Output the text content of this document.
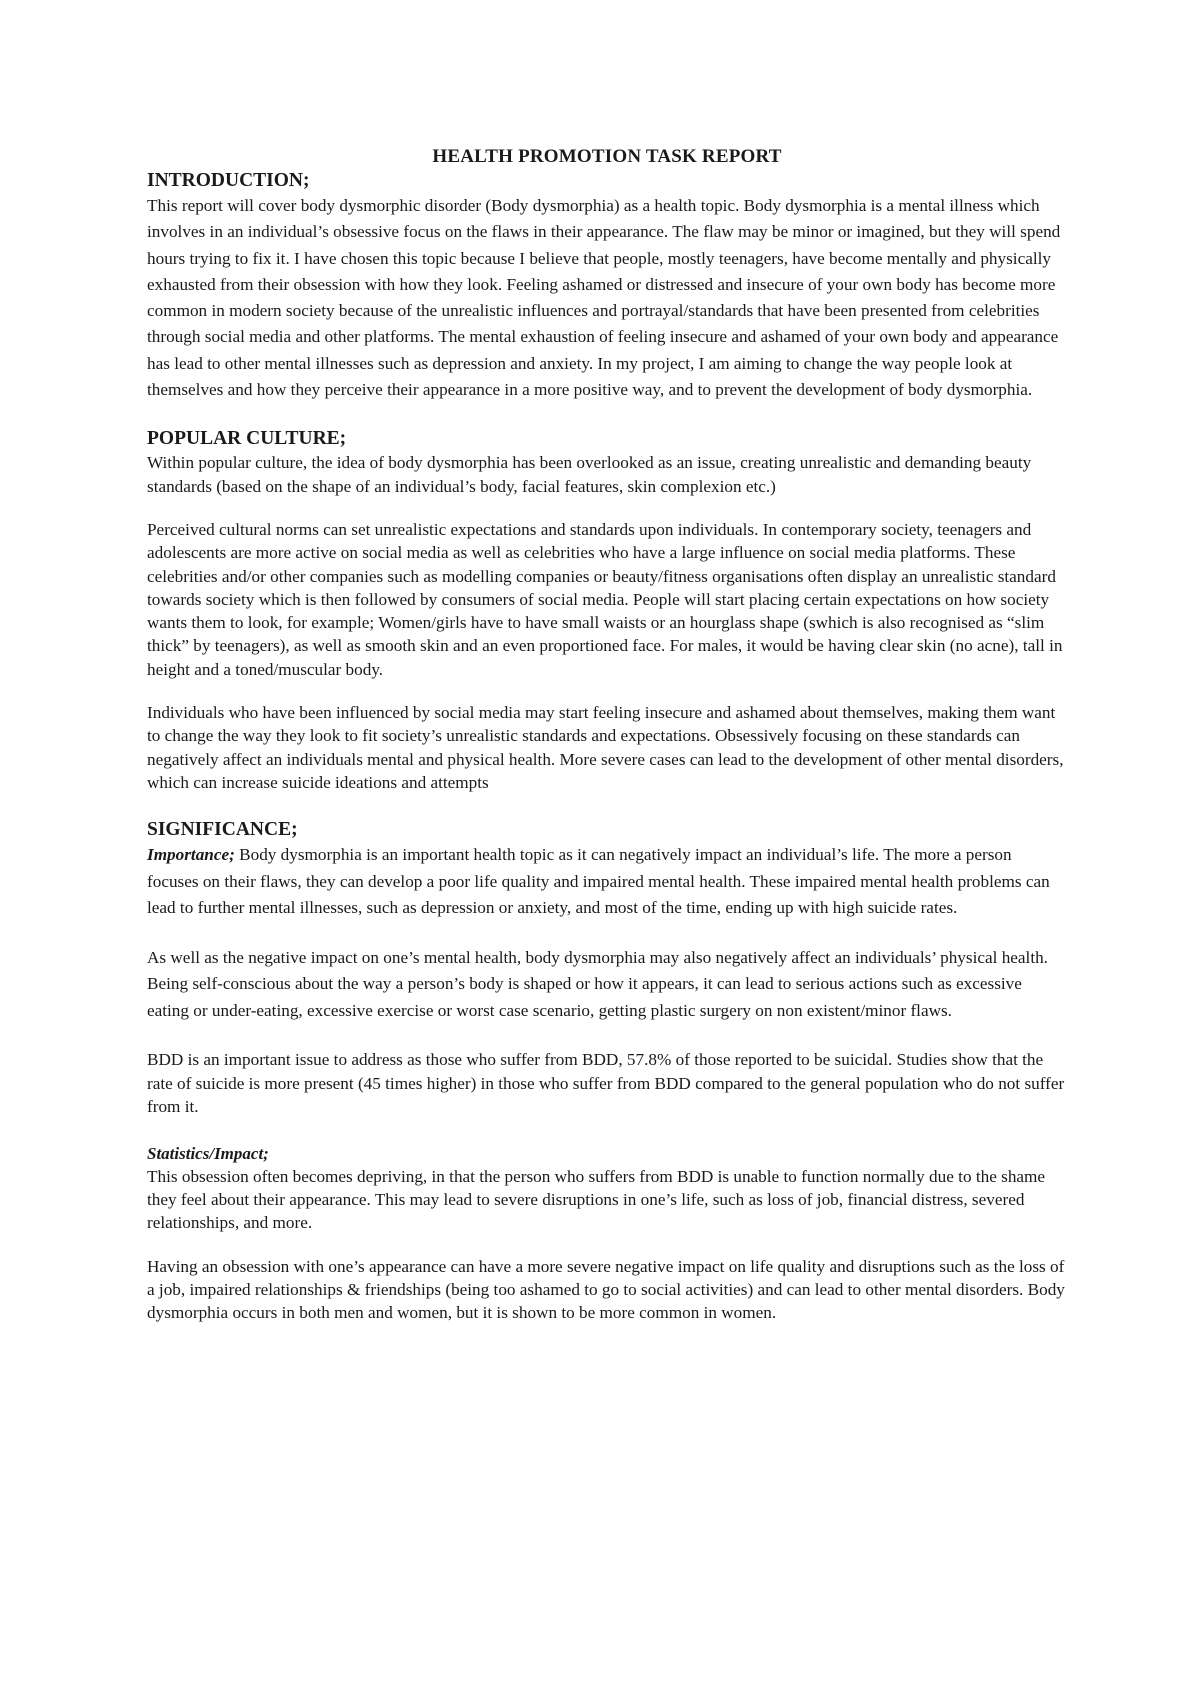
HEALTH PROMOTION TASK REPORT
INTRODUCTION;

This report will cover body dysmorphic disorder (Body dysmorphia) as a health topic. Body dysmorphia is a mental illness which involves in an individual’s obsessive focus on the flaws in their appearance. The flaw may be minor or imagined, but they will spend hours trying to fix it. I have chosen this topic because I believe that people, mostly teenagers, have become mentally and physically exhausted from their obsession with how they look. Feeling ashamed or distressed and insecure of your own body has become more common in modern society because of the unrealistic influences and portrayal/standards that have been presented from celebrities through social media and other platforms. The mental exhaustion of feeling insecure and ashamed of your own body and appearance has lead to other mental illnesses such as depression and anxiety. In my project, I am aiming to change the way people look at themselves and how they perceive their appearance in a more positive way, and to prevent the development of body dysmorphia.

POPULAR CULTURE;

Within popular culture, the idea of body dysmorphia has been overlooked as an issue, creating unrealistic and demanding beauty standards (based on the shape of an individual’s body, facial features, skin complexion etc.)

Perceived cultural norms can set unrealistic expectations and standards upon individuals. In contemporary society, teenagers and adolescents are more active on social media as well as celebrities who have a large influence on social media platforms. These celebrities and/or other companies such as modelling companies or beauty/fitness organisations often display an unrealistic standard towards society which is then followed by consumers of social media. People will start placing certain expectations on how society wants them to look, for example; Women/girls have to have small waists or an hourglass shape (swhich is also recognised as “slim thick” by teenagers), as well as smooth skin and an even proportioned face. For males, it would be having clear skin (no acne), tall in height and a toned/muscular body.

Individuals who have been influenced by social media may start feeling insecure and ashamed about themselves, making them want to change the way they look to fit society’s unrealistic standards and expectations. Obsessively focusing on these standards can negatively affect an individuals mental and physical health. More severe cases can lead to the development of other mental disorders, which can increase suicide ideations and attempts

SIGNIFICANCE;

Importance; Body dysmorphia is an important health topic as it can negatively impact an individual’s life. The more a person focuses on their flaws, they can develop a poor life quality and impaired mental health. These impaired mental health problems can lead to further mental illnesses, such as depression or anxiety, and most of the time, ending up with high suicide rates.

As well as the negative impact on one’s mental health, body dysmorphia may also negatively affect an individuals’ physical health. Being self-conscious about the way a person’s body is shaped or how it appears, it can lead to serious actions such as excessive eating or under-eating, excessive exercise or worst case scenario, getting plastic surgery on non existent/minor flaws.

BDD is an important issue to address as those who suffer from BDD, 57.8% of those reported to be suicidal. Studies show that the rate of suicide is more present (45 times higher) in those who suffer from BDD compared to the general population who do not suffer from it.

Statistics/Impact;

This obsession often becomes depriving, in that the person who suffers from BDD is unable to function normally due to the shame they feel about their appearance. This may lead to severe disruptions in one’s life, such as loss of job, financial distress, severed relationships, and more.

Having an obsession with one’s appearance can have a more severe negative impact on life quality and disruptions such as the loss of a job, impaired relationships & friendships (being too ashamed to go to social activities) and can lead to other mental disorders. Body dysmorphia occurs in both men and women, but it is shown to be more common in women.
